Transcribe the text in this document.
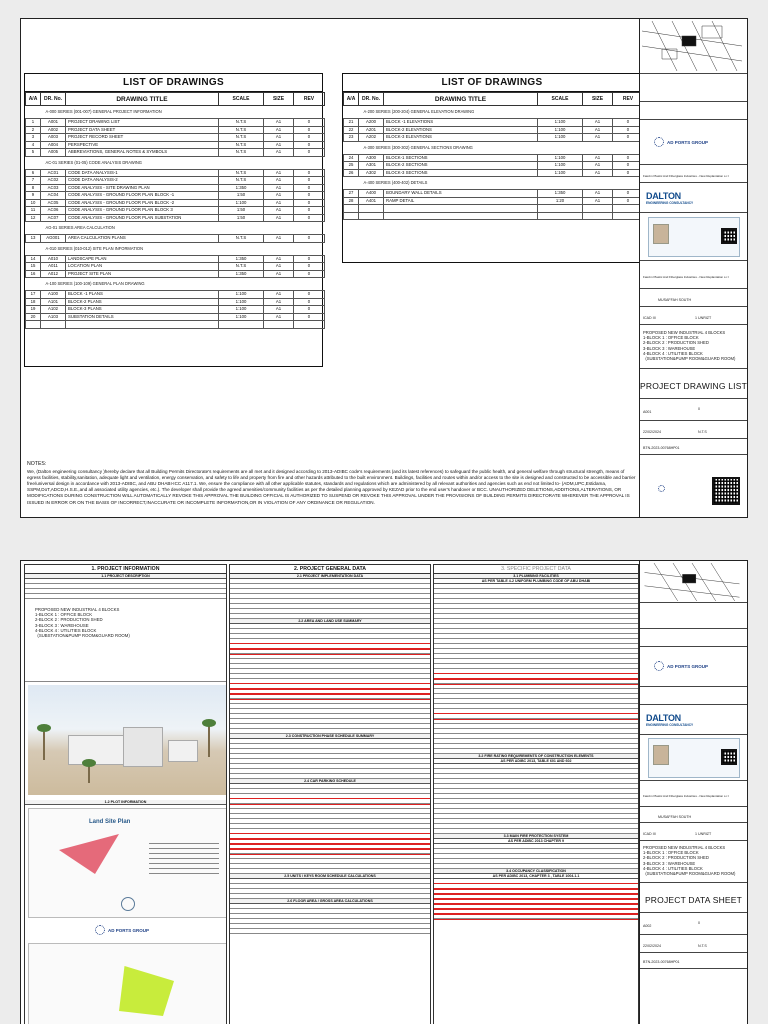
LIST OF DRAWINGS
A/A	DR. No.	DRAWING TITLE	SCALE	SIZE	REV
A-000 SERIES (001-007) GENERAL PROJECT INFORMATION					
1	A001	PROJECT DRAWING LIST	N.T.S	A1	0
2	A002	PROJECT DATA SHEET	N.T.S	A1	0
3	A003	PROJECT RECORD SHEET	N.T.S	A1	0
4	A004	PERSPECTIVE	N.T.S	A1	0
5	A005	ABBREVIATIONS, GENERAL NOTES & SYMBOLS	N.T.S	A1	0
AC-01 SERIES (01-05) CODE ANALYSIS DRAWING					
6	AC01	CODE DATA ANALYSIS-1	N.T.S	A1	0
7	AC02	CODE DATA ANALYSIS-2	N.T.S	A1	0
8	AC03	CODE ANALYSIS - SITE DRAWING PLAN	1:350	A1	0
9	AC04	CODE ANALYSIS - GROUND FLOOR PLAN BLOCK -1	1:50	A1	0
10	AC05	CODE ANALYSIS - GROUND FLOOR PLAN BLOCK -2	1:100	A1	0
11	AC06	CODE ANALYSIS - GROUND FLOOR PLAN BLOCK 3	1:50	A1	0
12	AC07	CODE ANALYSIS - GROUND FLOOR PLAN SUBSTATION	1:50	A1	0
AG-01 SERIES AREA CALCULATION					
13	AG001	AREA CALCULATION PLANS	N.T.S	A1	0
A-010 SERIES (010-012) SITE PLAN INFORMATION					
14	A010	LANDSCAPE PLAN	1:350	A1	0
15	A011	LOCATION PLAN	N.T.S	A1	0
16	A012	PROJECT SITE PLAN	1:350	A1	0
A-100 SERIES (100-109) GENERAL PLAN DRAWING					
17	A100	BLOCK -1 PLANS	1:100	A1	0
18	A101	BLOCK-2 PLANS	1:100	A1	0
19	A102	BLOCK-3 PLANS	1:100	A1	0
20	A103	SUBSTATION DETAILS	1:100	A1	0

LIST OF DRAWINGS
A/A	DR. No.	DRAWING TITLE	SCALE	SIZE	REV
A-200 SERIES (200-204) GENERAL ELEVATION DRAWING					
21	A200	BLOCK -1 ELEVATIONS	1:100	A1	0
22	A201	BLOCK-2 ELEVATIONS	1:100	A1	0
23	A202	BLOCK-3 ELEVATIONS	1:100	A1	0
A-300 SERIES (300-302) GENERAL SECTIONS DRAWING					
24	A300	BLOCK-1 SECTIONS	1:100	A1	0
25	A301	BLOCK-2 SECTIONS	1:100	A1	0
26	A302	BLOCK-3 SECTIONS	1:100	A1	0
A-400 SERIES (400-402) DETAILS					
27	A400	BOUNDARY WALL DETAILS	1:350	A1	0
28	A401	RAMP DETAIL	1:20	A1	0

NOTES:
We, (Dalton engineering consultancy )hereby declare that all Building Permits Directorate's requirements are all met and it designed according to 2013-ADIBC code's requirements (and its latest references) to safeguard the public health, and general welfare through structural strength, means of egress facilities, stability,sanitation, adequate light and ventilation, energy conservation, and safety to life and property from fire and other hazards attributed to the built environment. Buildings, facilities and routes within and/or access to the site is designed and constructed to be accessible and barrier free/universal design in accordance with 2013-ADIBC, and ABU DHABI-ICC A117.1. We, ensure the compliance with all other applicable statutes, standards and regulations which are administered by all relevant authorities and agencies such as end not limited to- (ADM,UPC,Estidama, SSPM,DoT,ADCD,H.S.E.,and all associated utility agencies, etc.). The developer shall provide the agreed amenities/community facilities as per the detailed planning approved by KEZAD prior to the end user's handover or BCC. UNAUTHORIZED DELETIONS,ADDITIONS,ALTERATIONS, OR MODIFICATIONS DURING CONSTRUCTION WILL AUTOMATICALLY REVOKE THIS APPROVAL THE BUILDING OFFICIAL IS AUTHORIZED TO SUSPEND OR REVOKE THIS APPROVAL UNDER THE PROVISIONS OF BUILDING PERMITS DIRECTORATE WHEREVER THE APPROVAL IS ISSUED IN ERROR OR ON THE BASIS OF INCORRECT,INACCURATE OR INCOMPLETE INFORMATION,OR IN VIOLATION OF ANY ORDINANCE OR REGULATION.

AD PORTS GROUP
Fawzm Plastic And Fiberglass Industries - New Replantation s.r.l
DALTON
ENGINEERING CONSULTANCY
Fawzm Plastic And Fiberglass Industries - New Replantation s.r.l
MUSAFFAH SOUTH
ICAD III	1 UNRIZT
PROPOSED NEW INDUSTRIAL 4 BLOCKS
1-BLOCK 1 : OFFICE BLOCK
2-BLOCK 2 : PRODUCTION SHED
3-BLOCK 3 : WAREHOUSE
4-BLOCK 4 : UTILITIES BLOCK
(SUBSTATION&PUMP ROOM&GUARD ROOM)
PROJECT DRAWING LIST
A001
0
22/02/2024	N.T.S
BTN-2023-00768HP01
1. PROJECT INFORMATION
1.1 PROJECT DESCRIPTION
PROPOSED NEW INDUSTRIAL 4 BLOCKS
1-BLOCK 1 : OFFICE BLOCK
2-BLOCK 2 : PRODUCTION SHED
3-BLOCK 3 : WAREHOUSE
4-BLOCK 4 : UTILITIES BLOCK
(SUBSTATION&PUMP ROOM&GUARD ROOM)
1.2 PLOT INFORMATION
Land Site Plan
AD PORTS GROUP
2. PROJECT GENERAL DATA
2.1 PROJECT IMPLEMENTATION DATA
2.2 AREA AND LAND USE SUMMARY
2.3 CONSTRUCTION PHASE SCHEDULE SUMMARY
2.4 CAR PARKING SCHEDULE
2.5 UNITS / KEYS ROOM SCHEDULE CALCULATIONS
2.6 FLOOR AREA / GROSS AREA CALCULATIONS
3. SPECIFIC PROJECT DATA
3.1 PLUMBING FACILITIES
AS PER TABLE 4-2 UNIFORM PLUMBING CODE OF ABU DHABI
3.2 FIRE RATING REQUIREMENTS OF CONSTRUCTION ELEMENTS
AS PER ADIBC 2013, TABLE 601 AND 602
3.3 MAIN FIRE PROTECTION SYSTEM
AS PER ADIBC 2013 CHAPTER 9
3.4 OCCUPANCY CLASSIFICATION
AS PER ADIBC 2013, CHAPTER 3 , TABLE 1004.1.1
AD PORTS GROUP
DALTON
ENGINEERING CONSULTANCY
Fawzm Plastic And Fiberglass Industries - New Replantation s.r.l
MUSAFFAH SOUTH
ICAD III	1 UNRIZT
PROPOSED NEW INDUSTRIAL 4 BLOCKS
1-BLOCK 1 : OFFICE BLOCK
2-BLOCK 2 : PRODUCTION SHED
3-BLOCK 3 : WAREHOUSE
4-BLOCK 4 : UTILITIES BLOCK
(SUBSTATION&PUMP ROOM&GUARD ROOM)
PROJECT DATA SHEET
A002
0
22/02/2024	N.T.S
BTN-2023-00768HP01
